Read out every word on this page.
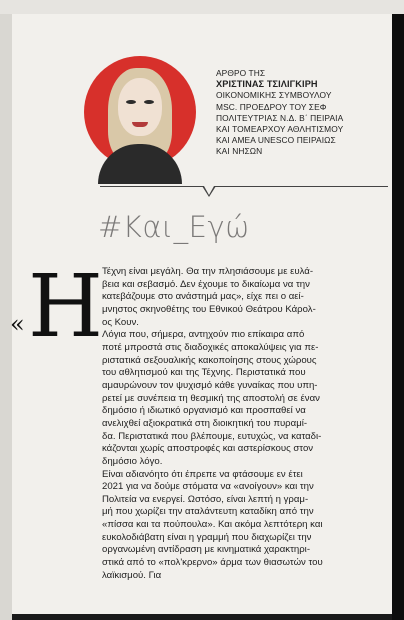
ΑΡΘΡΟ ΤΗΣ
ΧΡΙΣΤΙΝΑΣ ΤΣΙΛΙΓΚΙΡΗ
ΟΙΚΟΝΟΜΙΚΗΣ ΣΥΜΒΟΥΛΟΥ
MSC. ΠΡΟΕΔΡΟΥ ΤΟΥ ΣΕΦ
ΠΟΛΙΤΕΥΤΡΙΑΣ Ν.Δ. Β΄ ΠΕΙΡΑΙΑ
ΚΑΙ ΤΟΜΕΑΡΧΟΥ ΑΘΛΗΤΙΣΜΟΥ
ΚΑΙ ΑΜΕΑ UNESCO ΠΕΙΡΑΙΩΣ
ΚΑΙ ΝΗΣΩΝ
#Και_Εγώ
« Η Τέχνη είναι μεγάλη. Θα την πλησιάσουμε με ευλά-
βεια και σεβασμό. Δεν έχουμε το δικαίωμα να την
κατεβάζουμε στο ανάστημά μας», είχε πει ο αεί-
μνηστος σκηνοθέτης του Εθνικού Θεάτρου Κάρολ-
ος Κουν.
Λόγια που, σήμερα, αντηχούν πιο επίκαιρα από
ποτέ μπροστά στις διαδοχικές αποκαλύψεις για πε-
ριστατικά σεξουαλικής κακοποίησης στους χώρους
του αθλητισμού και της Τέχνης. Περιστατικά που
αμαυρώνουν τον ψυχισμό κάθε γυναίκας που υπη-
ρετεί με συνέπεια τη θεσμική της αποστολή σε έναν
δημόσιο ή ιδιωτικό οργανισμό και προσπαθεί να
ανελιχθεί αξιοκρατικά στη διοικητική του πυραμί-
δα. Περιστατικά που βλέπουμε, ευτυχώς, να καταδι-
κάζονται χωρίς αποστροφές και αστερίσκους στον
δημόσιο λόγο.
Είναι αδιανόητο ότι έπρεπε να φτάσουμε εν έτει
2021 για να δούμε στόματα να «ανοίγουν» και την
Πολιτεία να ενεργεί. Ωστόσο, είναι λεπτή η γραμ-
μή που χωρίζει την αταλάντευτη καταδίκη από την
«πίσσα και τα πούπουλα». Και ακόμα λεπτότερη και
ευκολοδιάβατη είναι η γραμμή που διαχωρίζει την
οργανωμένη αντίδραση με κινηματικά χαρακτηρι-
στικά από το «πολ'κρερνο» άρμα των θιασωτών του
λαϊκισμού. Για
